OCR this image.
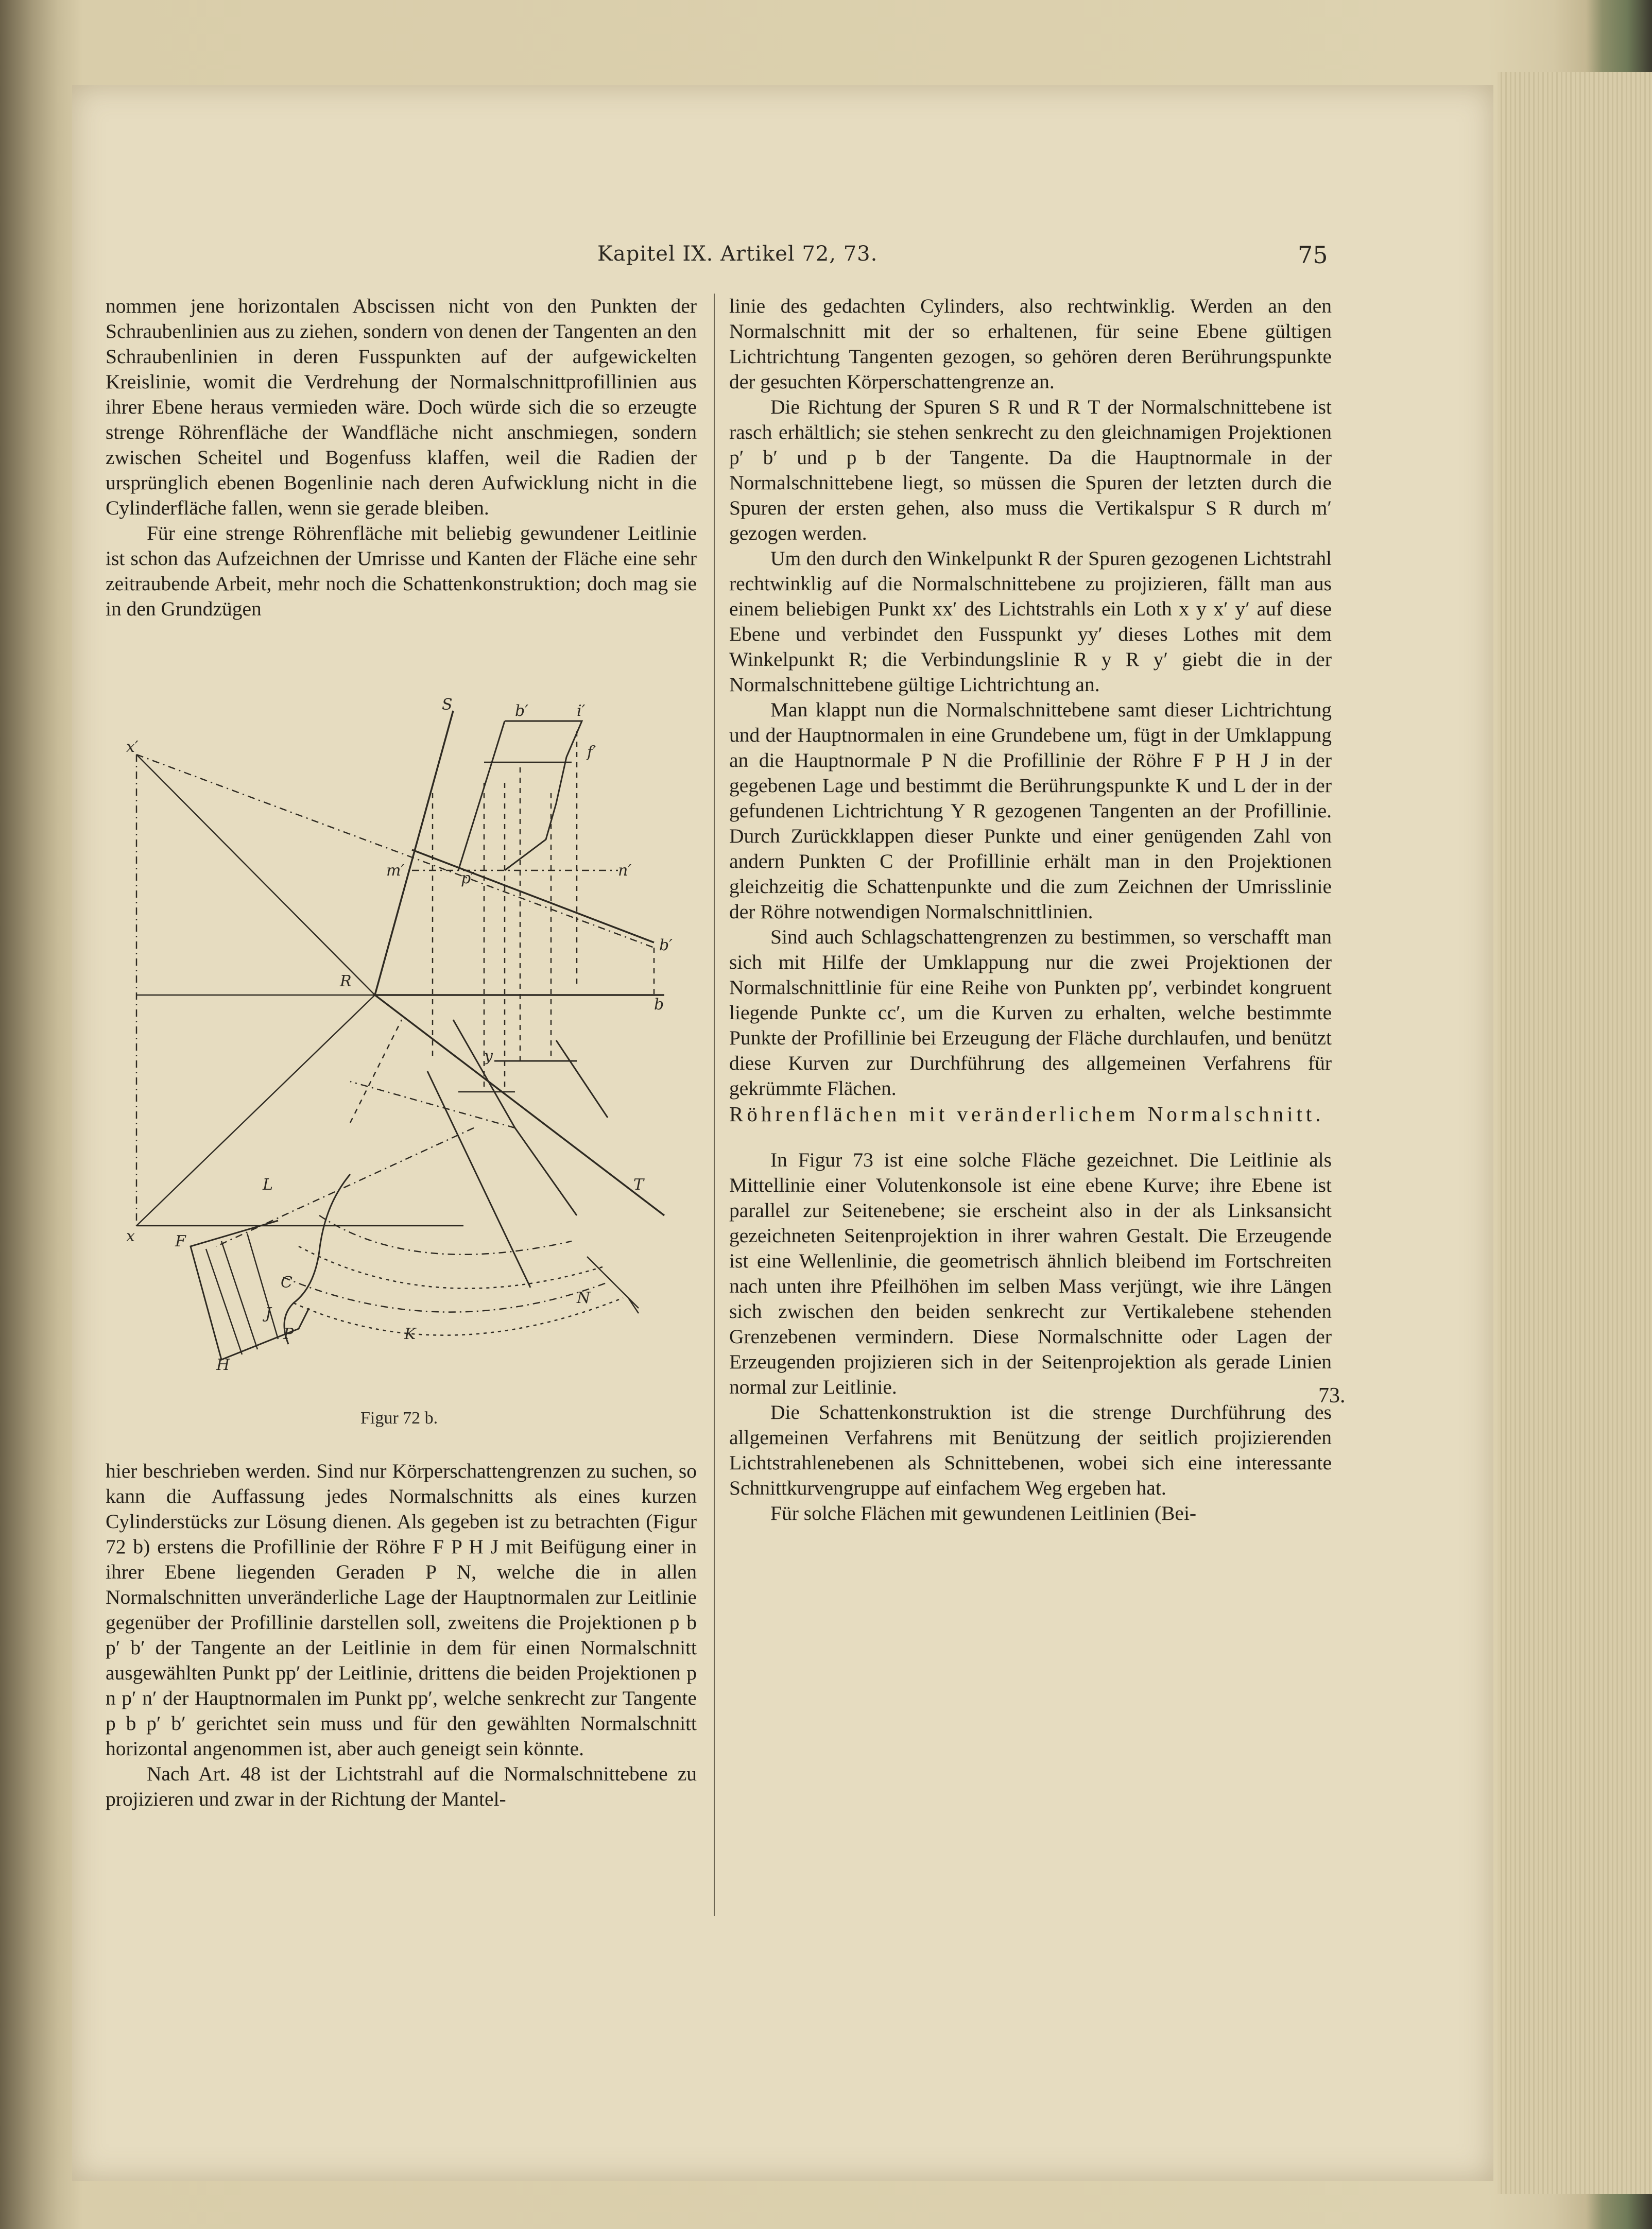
Kapitel IX. Artikel 72, 73.	75

nommen jene horizontalen Abscissen nicht von den Punkten der Schraubenlinien aus zu ziehen, sondern von denen der Tangenten an den Schraubenlinien in deren Fusspunkten auf der aufgewickelten Kreislinie, womit die Verdrehung der Normalschnittprofillinien aus ihrer Ebene heraus vermieden wäre. Doch würde sich die so erzeugte strenge Röhrenfläche der Wandfläche nicht anschmiegen, sondern zwischen Scheitel und Bogenfuss klaffen, weil die Radien der ursprünglich ebenen Bogenlinie nach deren Aufwicklung nicht in die Cylinderfläche fallen, wenn sie gerade bleiben.

Für eine strenge Röhrenfläche mit beliebig gewundener Leitlinie ist schon das Aufzeichnen der Umrisse und Kanten der Fläche eine sehr zeitraubende Arbeit, mehr noch die Schattenkonstruktion; doch mag sie in den Grundzügen

x′
x
S	b′	i′
f′
m′	n′
p′
b′
R
b
T
L
y
F
C
J
N
P	K
H
Figur 72 b.

hier beschrieben werden. Sind nur Körperschattengrenzen zu suchen, so kann die Auffassung jedes Normalschnitts als eines kurzen Cylinderstücks zur Lösung dienen. Als gegeben ist zu betrachten (Figur 72 b) erstens die Profillinie der Röhre F P H J mit Beifügung einer in ihrer Ebene liegenden Geraden P N, welche die in allen Normalschnitten unveränderliche Lage der Hauptnormalen zur Leitlinie gegenüber der Profillinie darstellen soll, zweitens die Projektionen p b p′ b′ der Tangente an der Leitlinie in dem für einen Normalschnitt ausgewählten Punkt pp′ der Leitlinie, drittens die beiden Projektionen p n p′ n′ der Hauptnormalen im Punkt pp′, welche senkrecht zur Tangente p b p′ b′ gerichtet sein muss und für den gewählten Normalschnitt horizontal angenommen ist, aber auch geneigt sein könnte.

Nach Art. 48 ist der Lichtstrahl auf die Normalschnittebene zu projizieren und zwar in der Richtung der Mantel-

linie des gedachten Cylinders, also rechtwinklig. Werden an den Normalschnitt mit der so erhaltenen, für seine Ebene gültigen Lichtrichtung Tangenten gezogen, so gehören deren Berührungspunkte der gesuchten Körperschattengrenze an.

Die Richtung der Spuren S R und R T der Normalschnittebene ist rasch erhältlich; sie stehen senkrecht zu den gleichnamigen Projektionen p′ b′ und p b der Tangente. Da die Hauptnormale in der Normalschnittebene liegt, so müssen die Spuren der letzten durch die Spuren der ersten gehen, also muss die Vertikalspur S R durch m′ gezogen werden.

Um den durch den Winkelpunkt R der Spuren gezogenen Lichtstrahl rechtwinklig auf die Normalschnittebene zu projizieren, fällt man aus einem beliebigen Punkt xx′ des Lichtstrahls ein Loth x y x′ y′ auf diese Ebene und verbindet den Fusspunkt yy′ dieses Lothes mit dem Winkelpunkt R; die Verbindungslinie R y R y′ giebt die in der Normalschnittebene gültige Lichtrichtung an.

Man klappt nun die Normalschnittebene samt dieser Lichtrichtung und der Hauptnormalen in eine Grundebene um, fügt in der Umklappung an die Hauptnormale P N die Profillinie der Röhre F P H J in der gegebenen Lage und bestimmt die Berührungspunkte K und L der in der gefundenen Lichtrichtung Y R gezogenen Tangenten an der Profillinie. Durch Zurückklappen dieser Punkte und einer genügenden Zahl von andern Punkten C der Profillinie erhält man in den Projektionen gleichzeitig die Schattenpunkte und die zum Zeichnen der Umrisslinie der Röhre notwendigen Normalschnittlinien.

Sind auch Schlagschattengrenzen zu bestimmen, so verschafft man sich mit Hilfe der Umklappung nur die zwei Projektionen der Normalschnittlinie für eine Reihe von Punkten pp′, verbindet kongruent liegende Punkte cc′, um die Kurven zu erhalten, welche bestimmte Punkte der Profillinie bei Erzeugung der Fläche durchlaufen, und benützt diese Kurven zur Durchführung des allgemeinen Verfahrens für gekrümmte Flächen.

Röhrenflächen mit veränderlichem Normalschnitt.

In Figur 73 ist eine solche Fläche gezeichnet. Die Leitlinie als Mittellinie einer Volutenkonsole ist eine ebene Kurve; ihre Ebene ist parallel zur Seitenebene; sie erscheint also in der als Linksansicht gezeichneten Seitenprojektion in ihrer wahren Gestalt. Die Erzeugende ist eine Wellenlinie, die geometrisch ähnlich bleibend im Fortschreiten nach unten ihre Pfeilhöhen im selben Mass verjüngt, wie ihre Längen sich zwischen den beiden senkrecht zur Vertikalebene stehenden Grenzebenen vermindern. Diese Normalschnitte oder Lagen der Erzeugenden projizieren sich in der Seitenprojektion als gerade Linien normal zur Leitlinie.

Die Schattenkonstruktion ist die strenge Durchführung des allgemeinen Verfahrens mit Benützung der seitlich projizierenden Lichtstrahlenebenen als Schnittebenen, wobei sich eine interessante Schnittkurvengruppe auf einfachem Weg ergeben hat.

Für solche Flächen mit gewundenen Leitlinien (Bei-

73.
